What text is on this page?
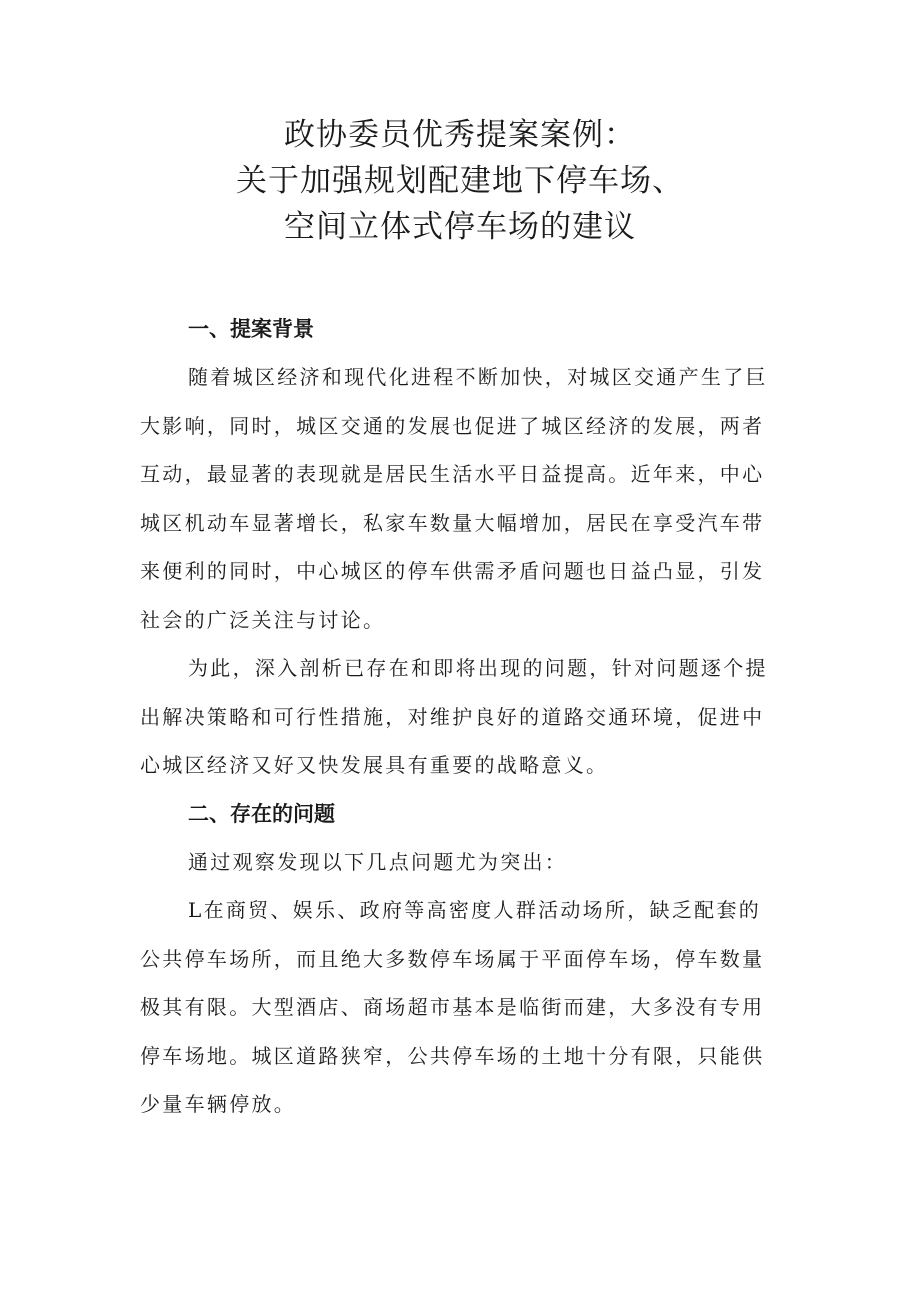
政协委员优秀提案案例：
关于加强规划配建地下停车场、
空间立体式停车场的建议
一、提案背景

随着城区经济和现代化进程不断加快，对城区交通产生了巨大影响，同时，城区交通的发展也促进了城区经济的发展，两者互动，最显著的表现就是居民生活水平日益提高。近年来，中心城区机动车显著增长，私家车数量大幅增加，居民在享受汽车带来便利的同时，中心城区的停车供需矛盾问题也日益凸显，引发社会的广泛关注与讨论。

为此，深入剖析已存在和即将出现的问题，针对问题逐个提出解决策略和可行性措施，对维护良好的道路交通环境，促进中心城区经济又好又快发展具有重要的战略意义。

二、存在的问题

通过观察发现以下几点问题尤为突出：

L在商贸、娱乐、政府等高密度人群活动场所，缺乏配套的公共停车场所，而且绝大多数停车场属于平面停车场，停车数量极其有限。大型酒店、商场超市基本是临街而建，大多没有专用停车场地。城区道路狭窄，公共停车场的土地十分有限，只能供少量车辆停放。
